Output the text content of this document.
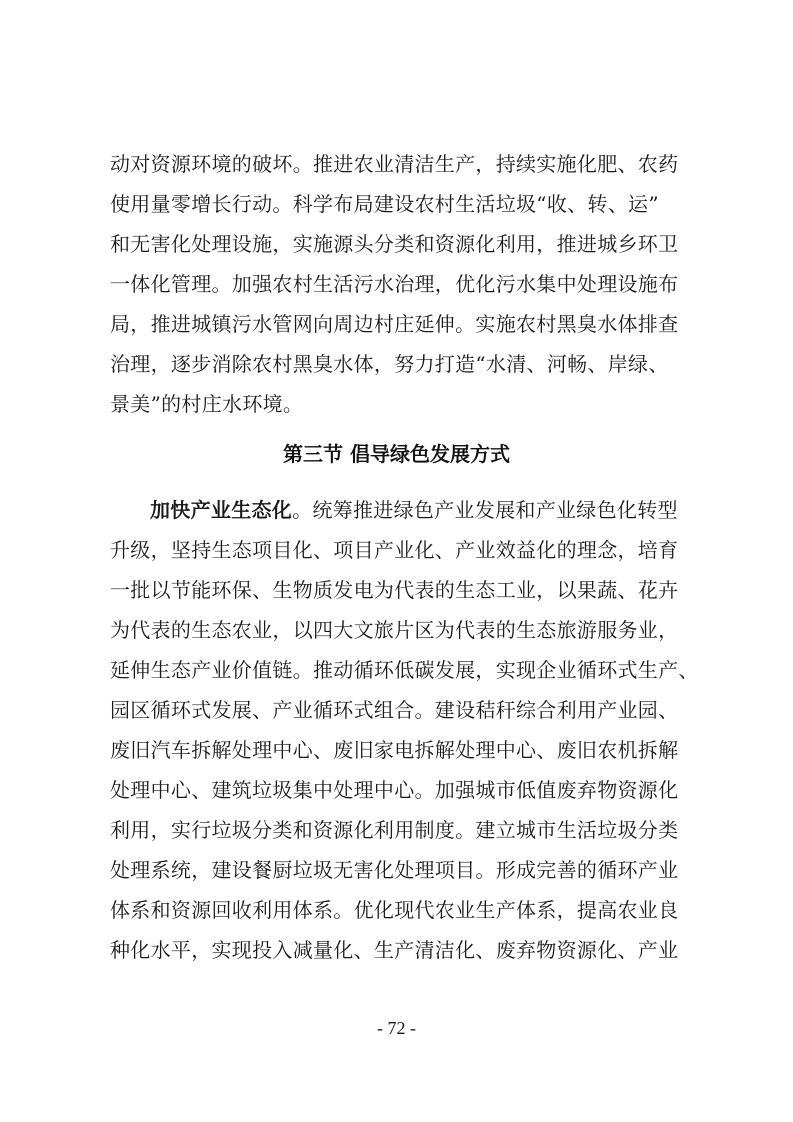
动对资源环境的破坏。推进农业清洁生产，持续实施化肥、农药
使用量零增长行动。科学布局建设农村生活垃圾“收、转、运”
和无害化处理设施，实施源头分类和资源化利用，推进城乡环卫
一体化管理。加强农村生活污水治理，优化污水集中处理设施布
局，推进城镇污水管网向周边村庄延伸。实施农村黑臭水体排查
治理，逐步消除农村黑臭水体，努力打造“水清、河畅、岸绿、
景美”的村庄水环境。
第三节 倡导绿色发展方式
加快产业生态化。统筹推进绿色产业发展和产业绿色化转型
升级，坚持生态项目化、项目产业化、产业效益化的理念，培育
一批以节能环保、生物质发电为代表的生态工业，以果蔬、花卉
为代表的生态农业，以四大文旅片区为代表的生态旅游服务业，
延伸生态产业价值链。推动循环低碳发展，实现企业循环式生产、
园区循环式发展、产业循环式组合。建设秸秆综合利用产业园、
废旧汽车拆解处理中心、废旧家电拆解处理中心、废旧农机拆解
处理中心、建筑垃圾集中处理中心。加强城市低值废弃物资源化
利用，实行垃圾分类和资源化利用制度。建立城市生活垃圾分类
处理系统，建设餐厨垃圾无害化处理项目。形成完善的循环产业
体系和资源回收利用体系。优化现代农业生产体系，提高农业良
种化水平，实现投入减量化、生产清洁化、废弃物资源化、产业
- 72 -
